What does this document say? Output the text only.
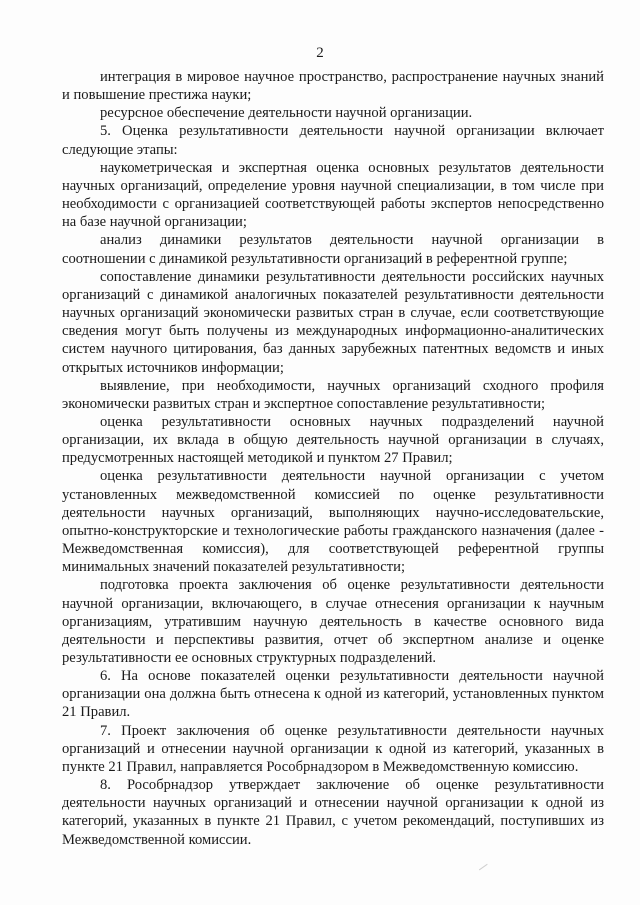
2

интеграция в мировое научное пространство, распространение научных знаний и повышение престижа науки;

ресурсное обеспечение деятельности научной организации.

5. Оценка результативности деятельности научной организации включает следующие этапы:

наукометрическая и экспертная оценка основных результатов деятельности научных организаций, определение уровня научной специализации, в том числе при необходимости с организацией соответствующей работы экспертов непосредственно на базе научной организации;

анализ динамики результатов деятельности научной организации в соотношении с динамикой результативности организаций в референтной группе;

сопоставление динамики результативности деятельности российских научных организаций с динамикой аналогичных показателей результативности деятельности научных организаций экономически развитых стран в случае, если соответствующие сведения могут быть получены из международных информационно-аналитических систем научного цитирования, баз данных зарубежных патентных ведомств и иных открытых источников информации;

выявление, при необходимости, научных организаций сходного профиля экономически развитых стран и экспертное сопоставление результативности;

оценка результативности основных научных подразделений научной организации, их вклада в общую деятельность научной организации в случаях, предусмотренных настоящей методикой и пунктом 27 Правил;

оценка результативности деятельности научной организации с учетом установленных межведомственной комиссией по оценке результативности деятельности научных организаций, выполняющих научно-исследовательские, опытно-конструкторские и технологические работы гражданского назначения (далее - Межведомственная комиссия), для соответствующей референтной группы минимальных значений показателей результативности;

подготовка проекта заключения об оценке результативности деятельности научной организации, включающего, в случае отнесения организации к научным организациям, утратившим научную деятельность в качестве основного вида деятельности и перспективы развития, отчет об экспертном анализе и оценке результативности ее основных структурных подразделений.

6. На основе показателей оценки результативности деятельности научной организации она должна быть отнесена к одной из категорий, установленных пунктом 21 Правил.

7. Проект заключения об оценке результативности деятельности научных организаций и отнесении научной организации к одной из категорий, указанных в пункте 21 Правил, направляется Рособрнадзором в Межведомственную комиссию.

8. Рособрнадзор утверждает заключение об оценке результативности деятельности научных организаций и отнесении научной организации к одной из категорий, указанных в пункте 21 Правил, с учетом рекомендаций, поступивших из Межведомственной комиссии.
